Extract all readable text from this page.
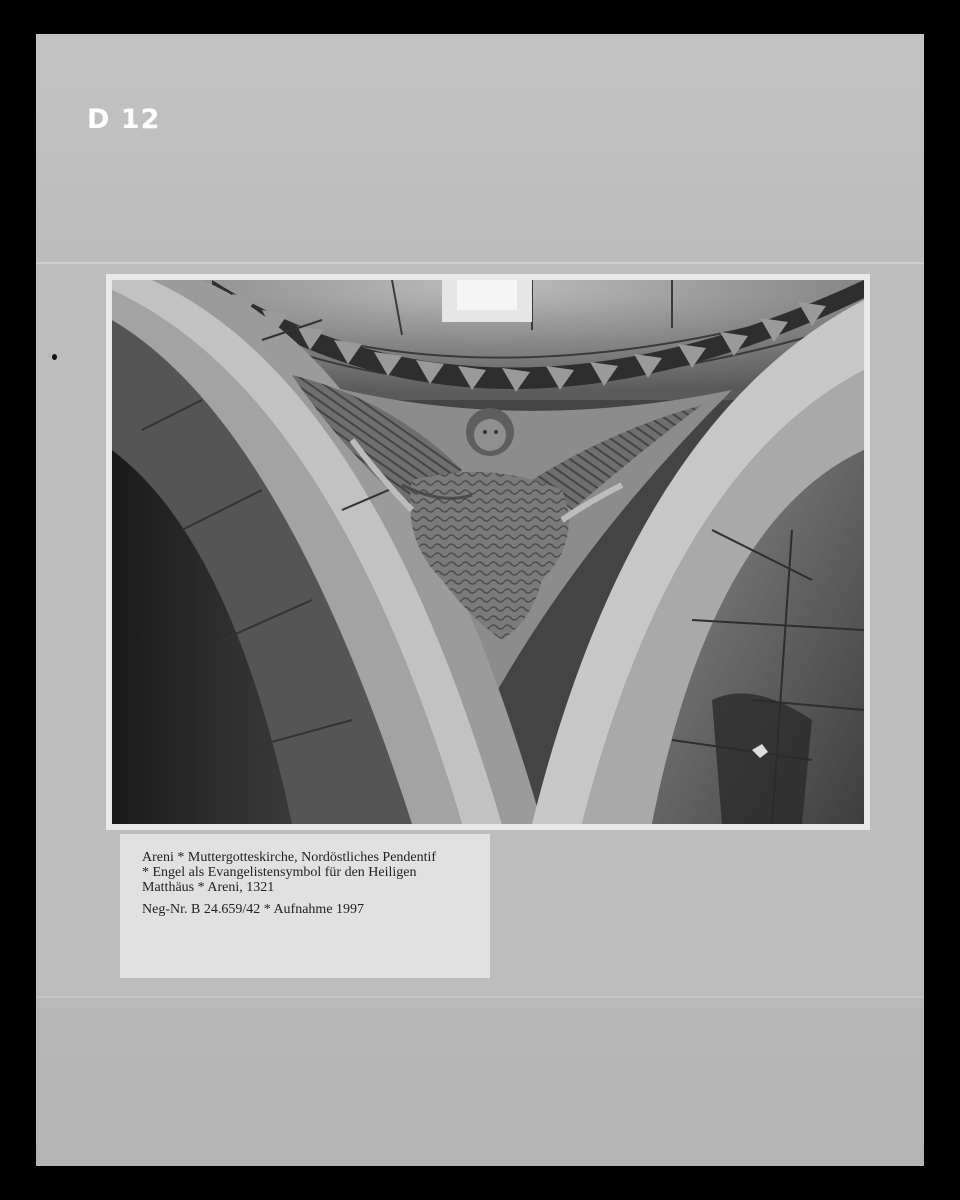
D 12
Areni * Muttergotteskirche, Nordöstliches Pendentif
* Engel als Evangelistensymbol für den Heiligen
Matthäus * Areni, 1321
Neg-Nr. B 24.659/42 * Aufnahme 1997
